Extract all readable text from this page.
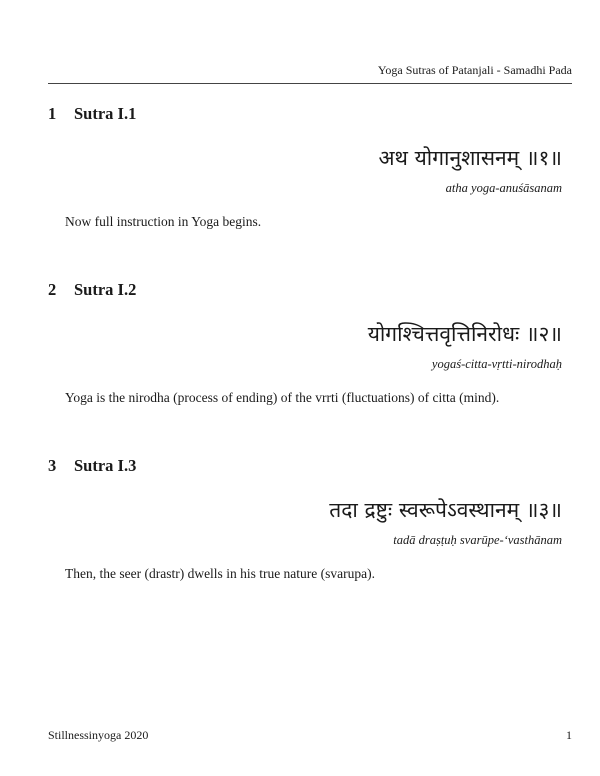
Yoga Sutras of Patanjali - Samadhi Pada
1	Sutra I.1
अथ योगानुशासनम् ॥१॥
atha yoga-anuśāsanam
Now full instruction in Yoga begins.
2	Sutra I.2
योगश्चित्तवृत्तिनिरोधः ॥२॥
yogaś-citta-vṛtti-nirodhaḥ
Yoga is the nirodha (process of ending) of the vrrti (fluctuations) of citta (mind).
3	Sutra I.3
तदा द्रष्टुः स्वरूपेऽवस्थानम् ॥३॥
tadā draṣṭuḥ svarūpe-‘vasthānam
Then, the seer (drastr) dwells in his true nature (svarupa).
Stillnessinyoga 2020	1
